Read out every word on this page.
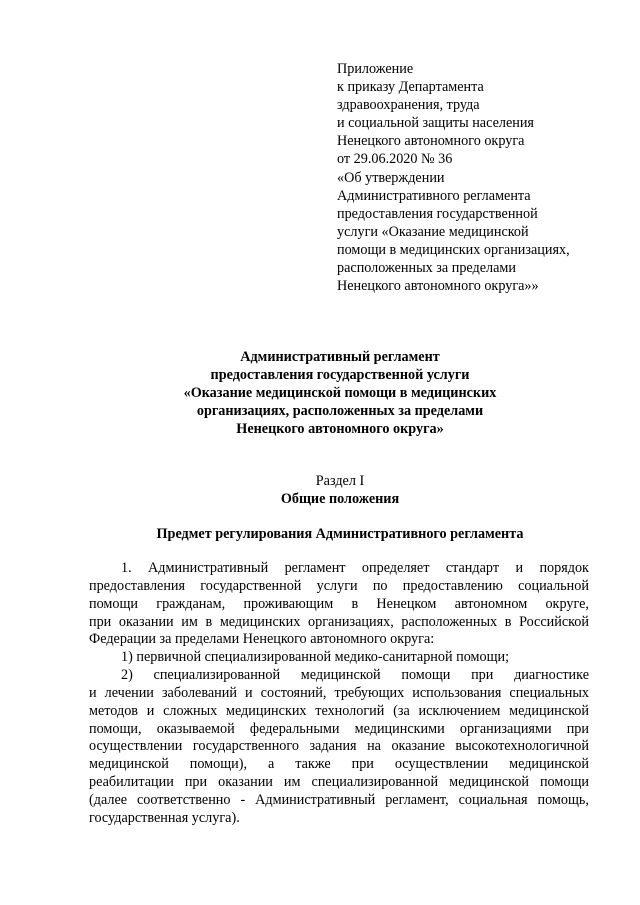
Приложение
к приказу Департамента
здравоохранения, труда
и социальной защиты населения
Ненецкого автономного округа
от 29.06.2020 № 36
«Об утверждении
Административного регламента
предоставления государственной
услуги «Оказание медицинской
помощи в медицинских организациях,
расположенных за пределами
Ненецкого автономного округа»»
Административный регламент
предоставления государственной услуги
«Оказание медицинской помощи в медицинских
организациях, расположенных за пределами
Ненецкого автономного округа»
Раздел I
Общие положения
Предмет регулирования Административного регламента
1. Административный регламент определяет стандарт и порядок
предоставления государственной услуги по предоставлению социальной
помощи гражданам, проживающим в Ненецком автономном округе,
при оказании им в медицинских организациях, расположенных в Российской
Федерации за пределами Ненецкого автономного округа:
1) первичной специализированной медико-санитарной помощи;
2) специализированной медицинской помощи при диагностике
и лечении заболеваний и состояний, требующих использования специальных
методов и сложных медицинских технологий (за исключением медицинской
помощи, оказываемой федеральными медицинскими организациями при
осуществлении государственного задания на оказание высокотехнологичной
медицинской помощи), а также при осуществлении медицинской
реабилитации при оказании им специализированной медицинской помощи
(далее соответственно - Административный регламент, социальная помощь,
государственная услуга).
